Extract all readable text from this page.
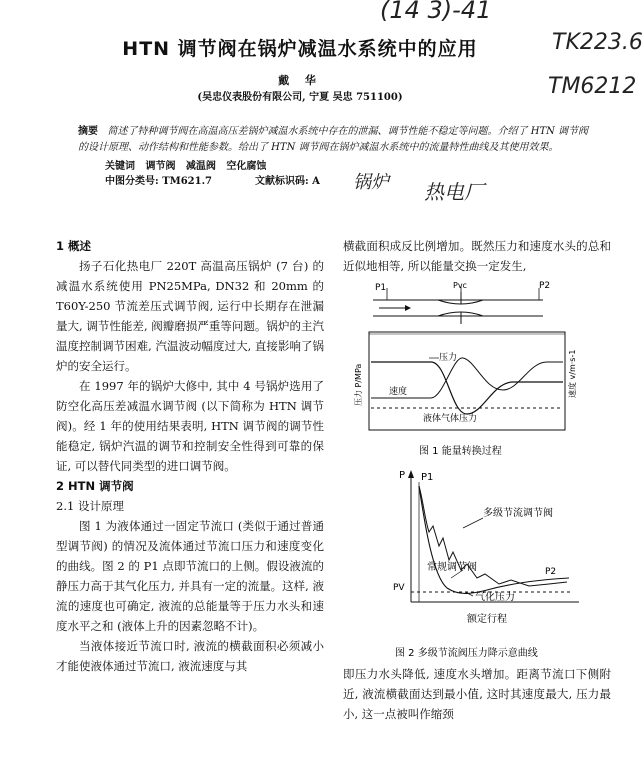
(14 3)-41
TK223.6
TM6212
锅炉 热电厂
HTN 调节阀在锅炉减温水系统中的应用
戴 华
(吴忠仪表股份有限公司, 宁夏 吴忠 751100)
摘要 简述了特种调节阀在高温高压差锅炉减温水系统中存在的泄漏、调节性能不稳定等问题。介绍了 HTN 调节阀的设计原理、动作结构和性能参数。给出了 HTN 调节阀在锅炉减温水系统中的流量特性曲线及其使用效果。
关键词 调节阀 减温阀 空化腐蚀
中图分类号: TM621.7	文献标识码: A

1 概述

扬子石化热电厂 220T 高温高压锅炉 (7 台) 的减温水系统使用 PN25MPa, DN32 和 20mm 的 T60Y-250 节流差压式调节阀, 运行中长期存在泄漏量大, 调节性能差, 阀瓣磨损严重等问题。锅炉的主汽温度控制调节困难, 汽温波动幅度过大, 直接影响了锅炉的安全运行。

在 1997 年的锅炉大修中, 其中 4 号锅炉选用了防空化高压差减温水调节阀 (以下简称为 HTN 调节阀)。经 1 年的使用结果表明, HTN 调节阀的调节性能稳定, 锅炉汽温的调节和控制安全性得到可靠的保证, 可以替代同类型的进口调节阀。

2 HTN 调节阀

2.1 设计原理

图 1 为液体通过一固定节流口 (类似于通过普通型调节阀) 的情况及流体通过节流口压力和速度变化的曲线。图 2 的 P1 点即节流口的上侧。假设液流的静压力高于其气化压力, 并具有一定的流量。这样, 液流的速度也可确定, 液流的总能量等于压力水头和速度水平之和 (液体上升的因素忽略不计)。

当液体接近节流口时, 液流的横截面积必须减小才能使液体通过节流口, 液流速度与其

横截面积成反比例增加。既然压力和速度水头的总和近似地相等, 所以能量交换一定发生,

P1	Pvc	P2
压力
速度
液体气体压力
压力 P/MPa	速度 v/m·s-1
图 1 能量转换过程
P P1
气化压力
多级节流调节阀
常规调节阀	P2
PV
额定行程
图 2 多级节流阀压力降示意曲线

即压力水头降低, 速度水头增加。距离节流口下侧附近, 液流横截面达到最小值, 这时其速度最大, 压力最小, 这一点被叫作缩颈
